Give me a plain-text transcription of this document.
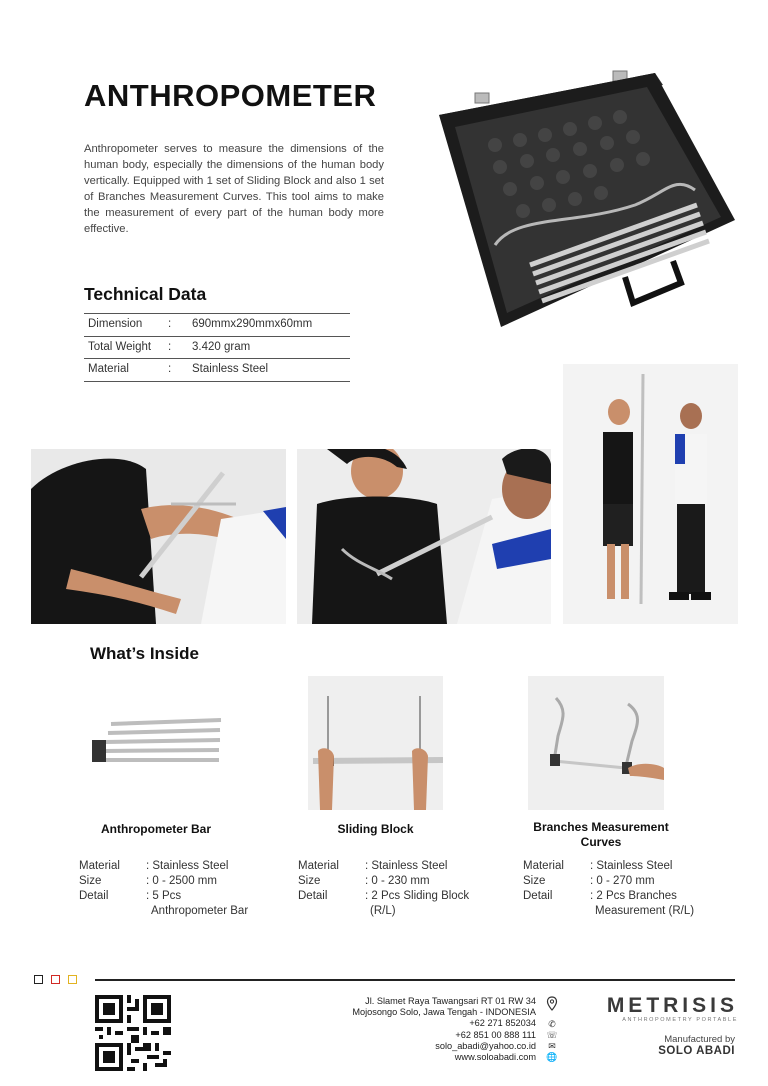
ANTHROPOMETER
Anthropometer serves to measure the dimensions of the human body, especially the dimensions of the human body vertically. Equipped with 1 set of Sliding Block and also 1 set of Branches Measurement Curves. This tool aims to make the measurement of every part of the human body more effective.
Technical Data
Dimension : 690mmx290mmx60mm
Total Weight : 3.420 gram
Material	: Stainless Steel
What’s Inside
Anthropometer Bar	Sliding Block	Branches Measurement Curves
Material : Stainless Steel
Size	: 0 - 2500 mm
Detail	: 5 Pcs
Anthropometer Bar
Material : Stainless Steel
Size	: 0 - 230 mm
Detail	: 2 Pcs Sliding Block
(R/L)
Material : Stainless Steel
Size	: 0 - 270 mm
Detail	: 2 Pcs Branches
Measurement (R/L)
Jl. Slamet Raya Tawangsari RT 01 RW 34
Mojosongo Solo, Jawa Tengah - INDONESIA
+62 271 852034
+62 851 00 888 111
solo_abadi@yahoo.co.id
www.soloabadi.com
✆
☏
✉
🌐
METRISIS
ANTHROPOMETRY PORTABLE
Manufactured by
SOLO ABADI
